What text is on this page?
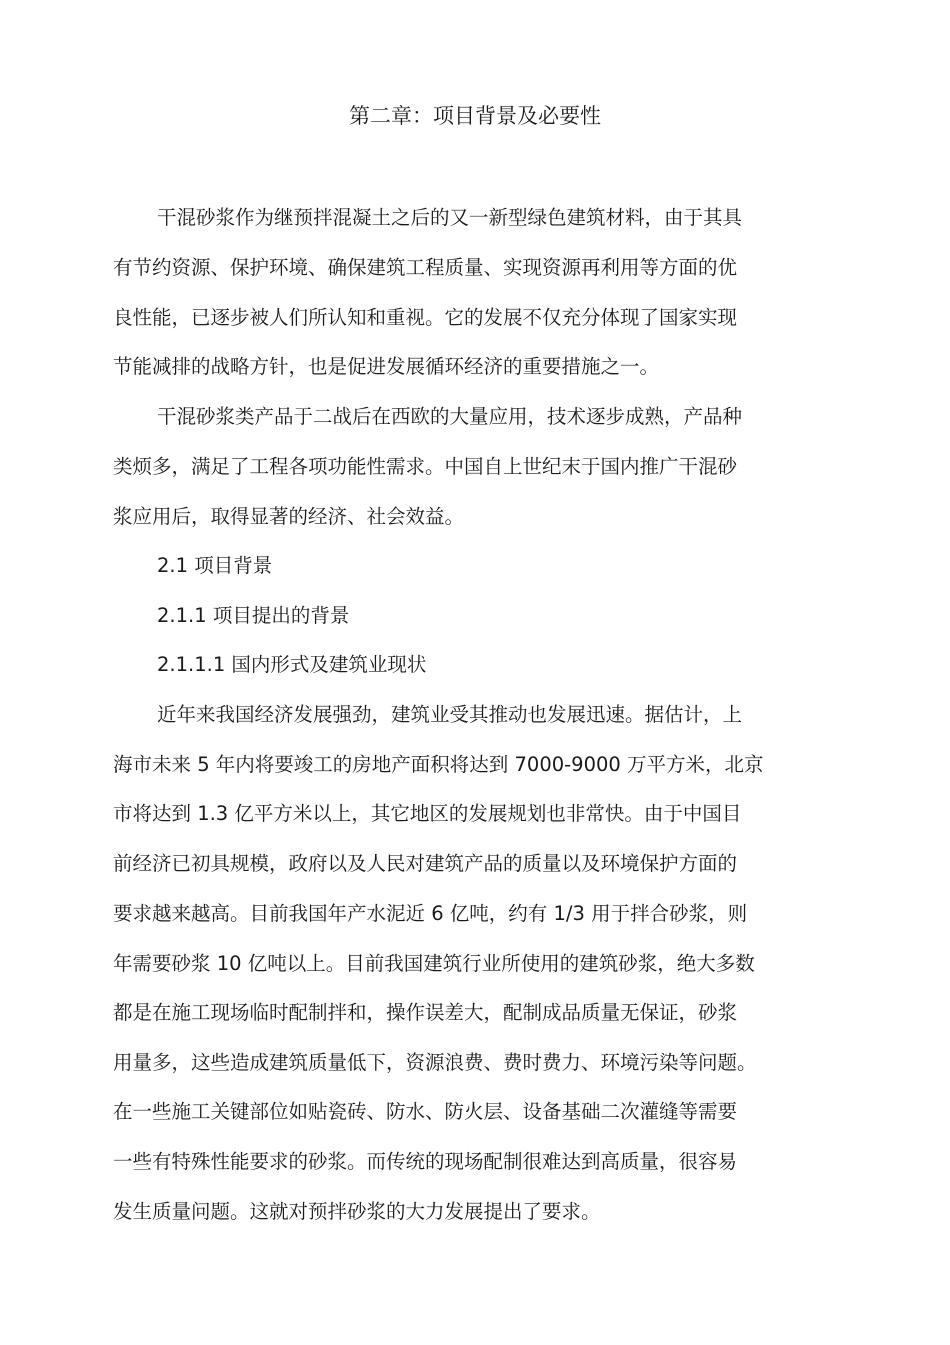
第二章：项目背景及必要性
干混砂浆作为继预拌混凝土之后的又一新型绿色建筑材料，由于其具
有节约资源、保护环境、确保建筑工程质量、实现资源再利用等方面的优
良性能，已逐步被人们所认知和重视。它的发展不仅充分体现了国家实现
节能减排的战略方针，也是促进发展循环经济的重要措施之一。
干混砂浆类产品于二战后在西欧的大量应用，技术逐步成熟，产品种
类烦多，满足了工程各项功能性需求。中国自上世纪末于国内推广干混砂
浆应用后，取得显著的经济、社会效益。
2.1 项目背景
2.1.1 项目提出的背景
2.1.1.1 国内形式及建筑业现状
近年来我国经济发展强劲，建筑业受其推动也发展迅速。据估计，上
海市未来 5 年内将要竣工的房地产面积将达到 7000-9000 万平方米，北京
市将达到 1.3 亿平方米以上，其它地区的发展规划也非常快。由于中国目
前经济已初具规模，政府以及人民对建筑产品的质量以及环境保护方面的
要求越来越高。目前我国年产水泥近 6 亿吨，约有 1/3 用于拌合砂浆，则
年需要砂浆 10 亿吨以上。目前我国建筑行业所使用的建筑砂浆，绝大多数
都是在施工现场临时配制拌和，操作误差大，配制成品质量无保证，砂浆
用量多，这些造成建筑质量低下，资源浪费、费时费力、环境污染等问题。
在一些施工关键部位如贴瓷砖、防水、防火层、设备基础二次灌缝等需要
一些有特殊性能要求的砂浆。而传统的现场配制很难达到高质量，很容易
发生质量问题。这就对预拌砂浆的大力发展提出了要求。
